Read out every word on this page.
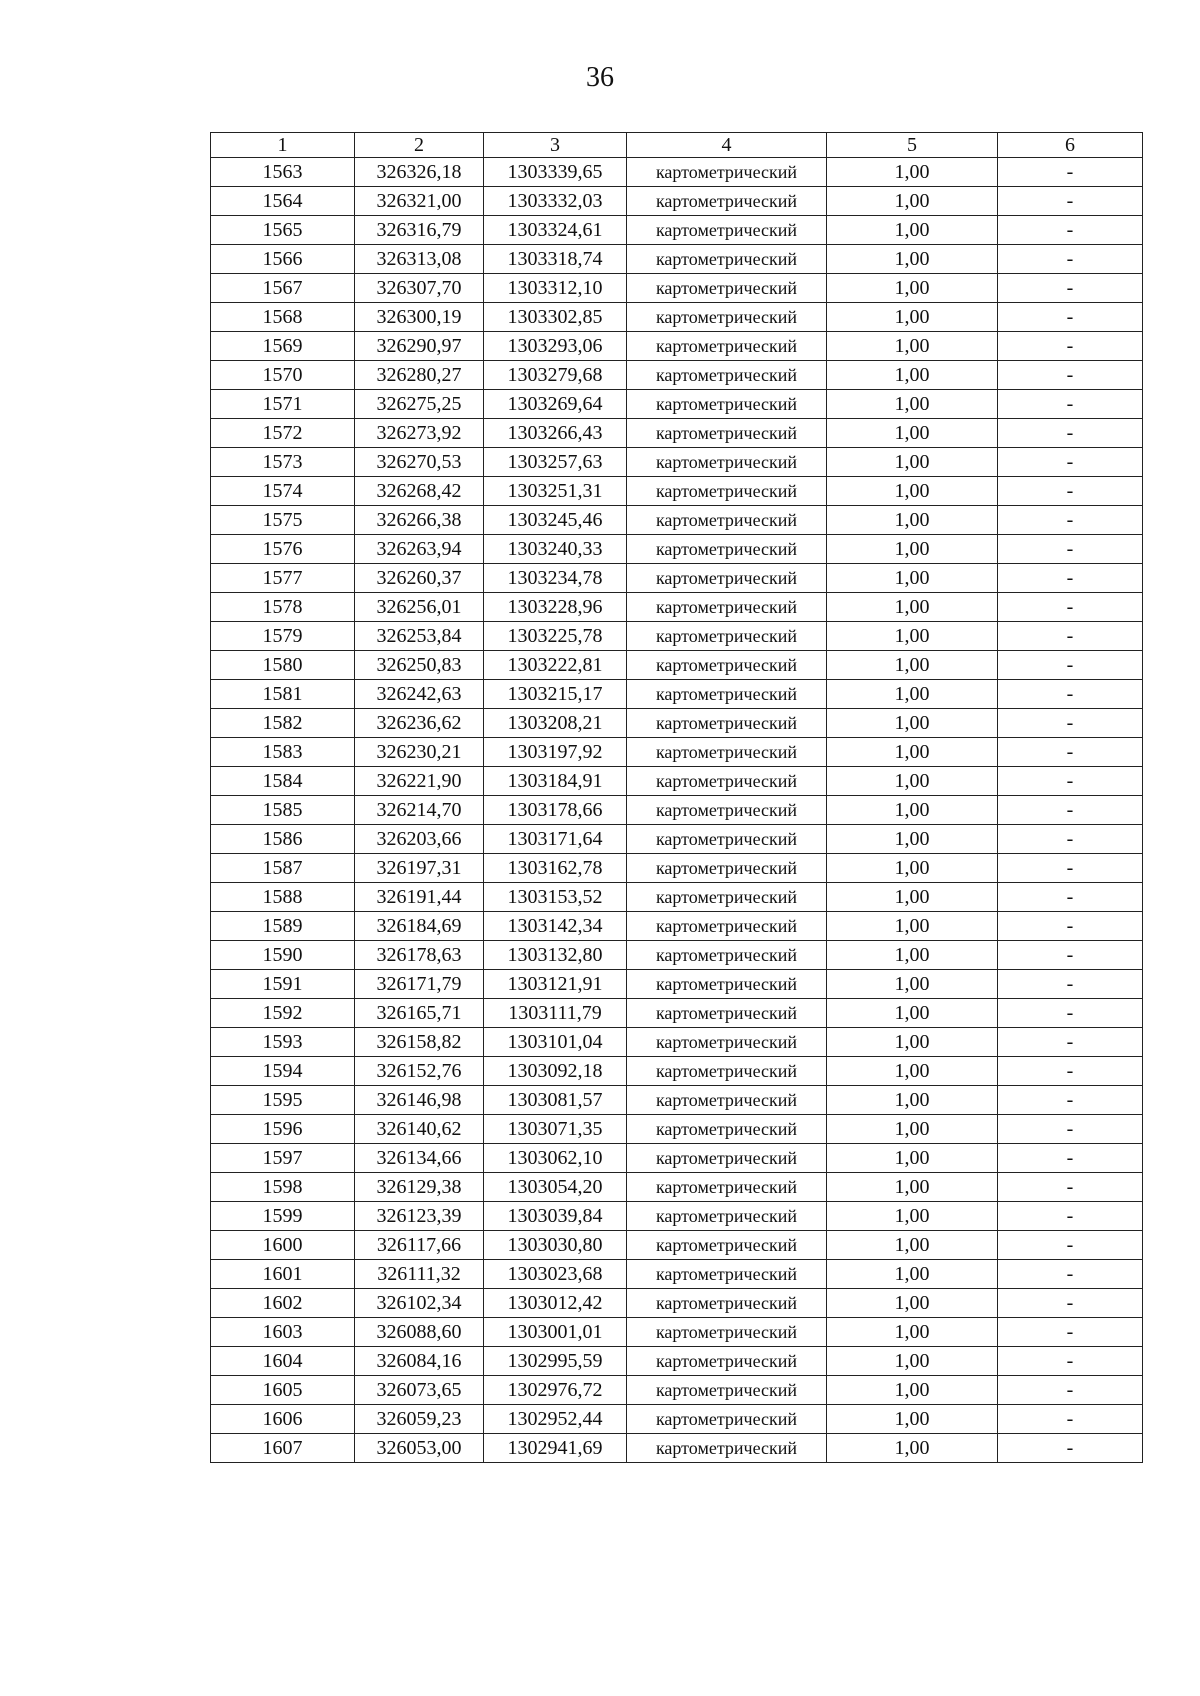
36
1	2	3	4	5	6
1563	326326,18	1303339,65	картометрический	1,00	-
1564	326321,00	1303332,03	картометрический	1,00	-
1565	326316,79	1303324,61	картометрический	1,00	-
1566	326313,08	1303318,74	картометрический	1,00	-
1567	326307,70	1303312,10	картометрический	1,00	-
1568	326300,19	1303302,85	картометрический	1,00	-
1569	326290,97	1303293,06	картометрический	1,00	-
1570	326280,27	1303279,68	картометрический	1,00	-
1571	326275,25	1303269,64	картометрический	1,00	-
1572	326273,92	1303266,43	картометрический	1,00	-
1573	326270,53	1303257,63	картометрический	1,00	-
1574	326268,42	1303251,31	картометрический	1,00	-
1575	326266,38	1303245,46	картометрический	1,00	-
1576	326263,94	1303240,33	картометрический	1,00	-
1577	326260,37	1303234,78	картометрический	1,00	-
1578	326256,01	1303228,96	картометрический	1,00	-
1579	326253,84	1303225,78	картометрический	1,00	-
1580	326250,83	1303222,81	картометрический	1,00	-
1581	326242,63	1303215,17	картометрический	1,00	-
1582	326236,62	1303208,21	картометрический	1,00	-
1583	326230,21	1303197,92	картометрический	1,00	-
1584	326221,90	1303184,91	картометрический	1,00	-
1585	326214,70	1303178,66	картометрический	1,00	-
1586	326203,66	1303171,64	картометрический	1,00	-
1587	326197,31	1303162,78	картометрический	1,00	-
1588	326191,44	1303153,52	картометрический	1,00	-
1589	326184,69	1303142,34	картометрический	1,00	-
1590	326178,63	1303132,80	картометрический	1,00	-
1591	326171,79	1303121,91	картометрический	1,00	-
1592	326165,71	1303111,79	картометрический	1,00	-
1593	326158,82	1303101,04	картометрический	1,00	-
1594	326152,76	1303092,18	картометрический	1,00	-
1595	326146,98	1303081,57	картометрический	1,00	-
1596	326140,62	1303071,35	картометрический	1,00	-
1597	326134,66	1303062,10	картометрический	1,00	-
1598	326129,38	1303054,20	картометрический	1,00	-
1599	326123,39	1303039,84	картометрический	1,00	-
1600	326117,66	1303030,80	картометрический	1,00	-
1601	326111,32	1303023,68	картометрический	1,00	-
1602	326102,34	1303012,42	картометрический	1,00	-
1603	326088,60	1303001,01	картометрический	1,00	-
1604	326084,16	1302995,59	картометрический	1,00	-
1605	326073,65	1302976,72	картометрический	1,00	-
1606	326059,23	1302952,44	картометрический	1,00	-
1607	326053,00	1302941,69	картометрический	1,00	-
